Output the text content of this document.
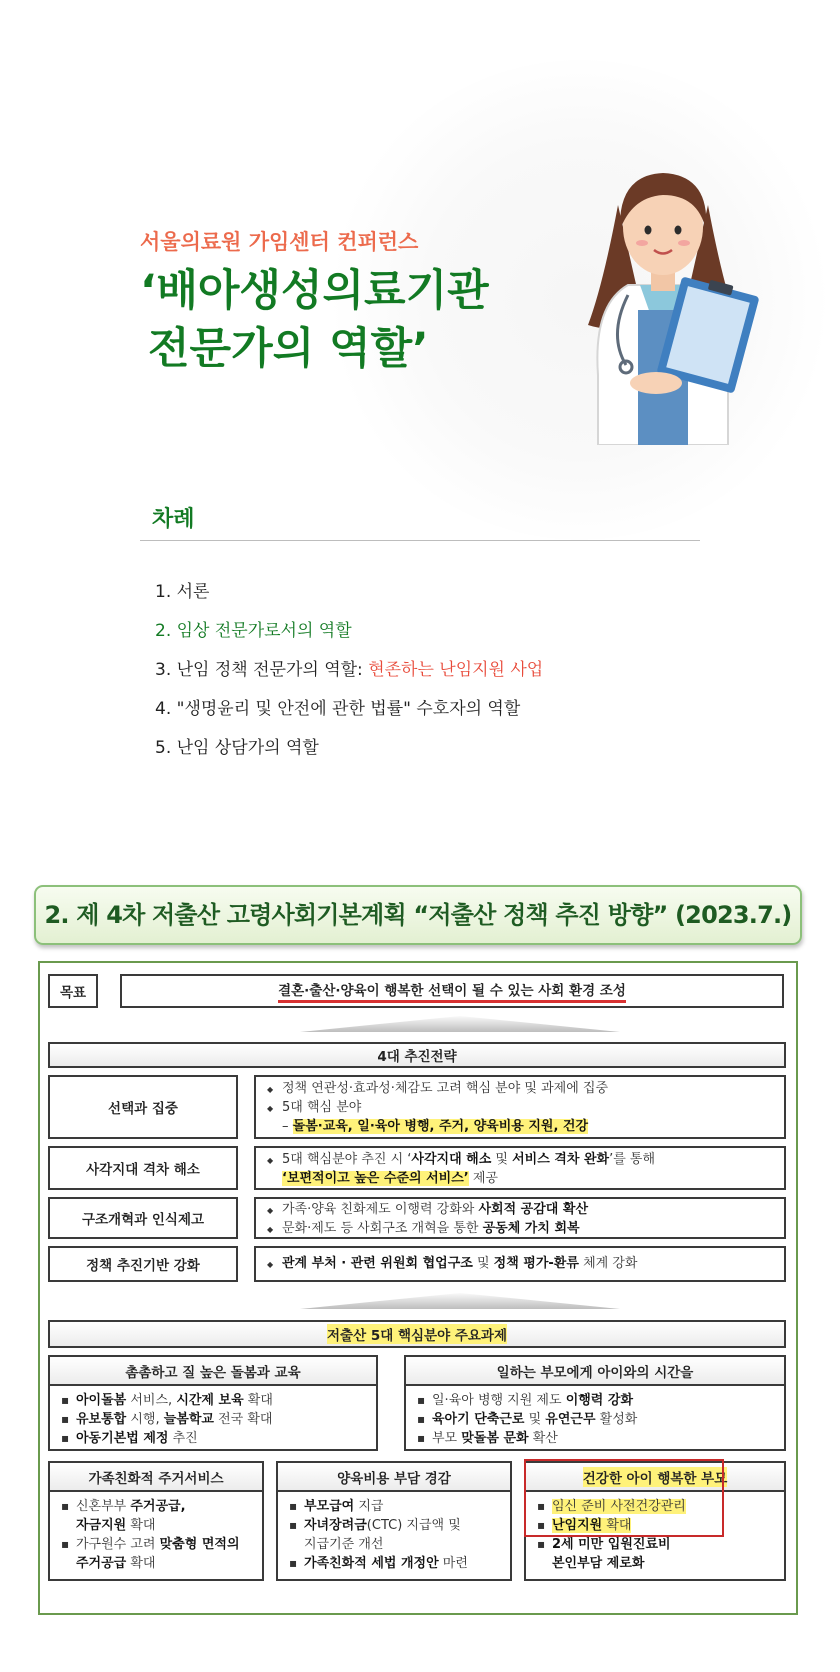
서울의료원 가임센터 컨퍼런스
‘배아생성의료기관
전문가의 역할’
차례
1. 서론
2. 임상 전문가로서의 역할
3. 난임 정책 전문가의 역할: 현존하는 난임지원 사업
4. "생명윤리 및 안전에 관한 법률" 수호자의 역할
5. 난임 상담가의 역할
2. 제 4차 저출산 고령사회기본계획 “저출산 정책 추진 방향” (2023.7.)
목표	결혼·출산·양육이 행복한 선택이 될 수 있는 사회 환경 조성
4대 추진전략
선택과 집중
◆ 정책 연관성·효과성·체감도 고려 핵심 분야 및 과제에 집중
◆ 5대 핵심 분야
– 돌봄·교육, 일·육아 병행, 주거, 양육비용 지원, 건강
사각지대 격차 해소
◆ 5대 핵심분야 추진 시 ‘사각지대 해소 및 서비스 격차 완화’를 통해
‘보편적이고 높은 수준의 서비스’ 제공
구조개혁과 인식제고
◆ 가족·양육 친화제도 이행력 강화와 사회적 공감대 확산
◆ 문화·제도 등 사회구조 개혁을 통한 공동체 가치 회복
정책 추진기반 강화
◆	관계 부처 · 관련 위원회 협업구조 및 정책 평가-환류 체계 강화
저출산 5대 핵심분야 주요과제
촘촘하고 질 높은 돌봄과 교육
▪ 아이돌봄 서비스, 시간제 보육 확대
▪ 유보통합 시행, 늘봄학교 전국 확대
▪ 아동기본법 제정 추진
일하는 부모에게 아이와의 시간을
▪ 일·육아 병행 지원 제도 이행력 강화
▪ 육아기 단축근로 및 유연근무 활성화
▪ 부모 맞돌봄 문화 확산
가족친화적 주거서비스
▪ 신혼부부 주거공급,
자금지원 확대
▪ 가구원수 고려 맞춤형 면적의
주거공급 확대
양육비용 부담 경감
▪ 부모급여 지급
▪ 자녀장려금(CTC) 지급액 및
지급기준 개선
▪ 가족친화적 세법 개정안 마련
건강한 아이 행복한 부모
▪ 임신 준비 사전건강관리
▪ 난임지원 확대
▪ 2세 미만 입원진료비
본인부담 제로화
